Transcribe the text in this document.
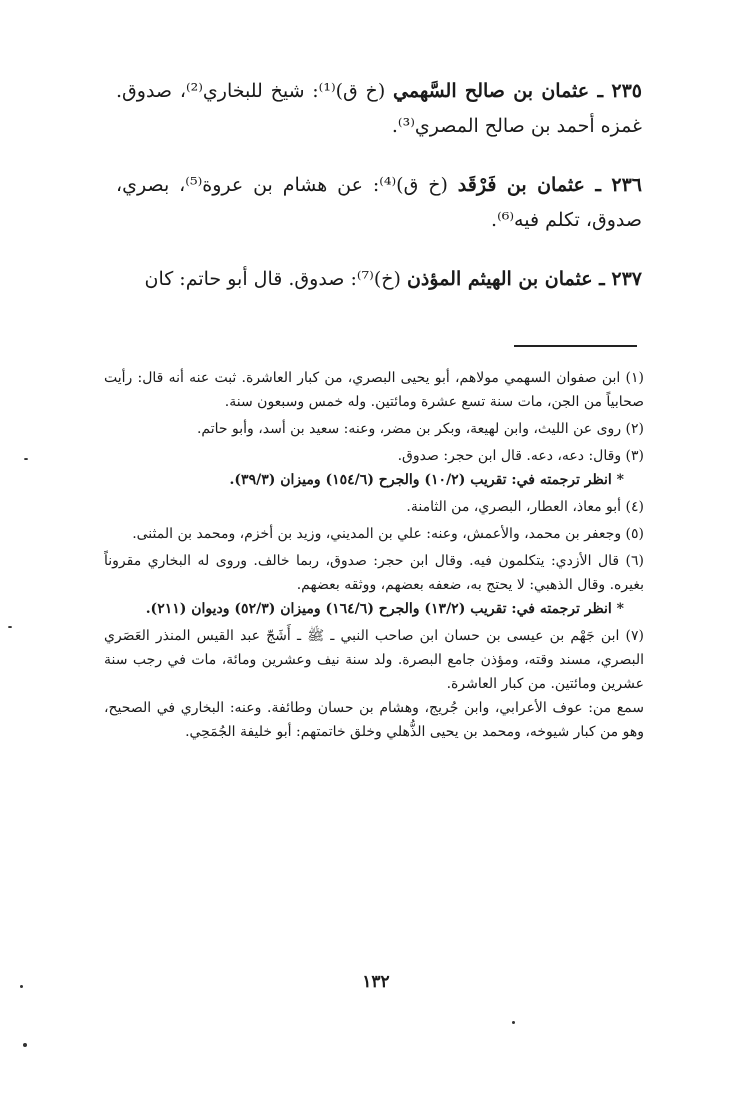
٢٣٥ ـ عثمان بن صالح السَّهمي (خ ق)⁽¹⁾: شيخ للبخاري⁽²⁾، صدوق. غمزه أحمد بن صالح المصري⁽³⁾.
٢٣٦ ـ عثمان بن فَرْقَد (خ ق)⁽⁴⁾: عن هشام بن عروة⁽⁵⁾، بصري، صدوق، تكلم فيه⁽⁶⁾.
٢٣٧ ـ عثمان بن الهيثم المؤذن (خ)⁽⁷⁾: صدوق. قال أبو حاتم: كان

(١) ابن صفوان السهمي مولاهم، أبو يحيى البصري، من كبار العاشرة. ثبت عنه أنه قال: رأيت صحابياً من الجن، مات سنة تسع عشرة ومائتين. وله خمس وسبعون سنة.

(٢) روى عن الليث، وابن لهيعة، وبكر بن مضر، وعنه: سعيد بن أسد، وأبو حاتم.

(٣) وقال: دعه، دعه. قال ابن حجر: صدوق.

* انظر ترجمته في: تقريب (١٠/٢) والجرح (١٥٤/٦) وميزان (٣٩/٣).

(٤) أبو معاذ، العطار، البصري، من الثامنة.

(٥) وجعفر بن محمد، والأعمش، وعنه: علي بن المديني، وزيد بن أخزم، ومحمد بن المثنى.

(٦) قال الأزدي: يتكلمون فيه. وقال ابن حجر: صدوق، ربما خالف. وروى له البخاري مقروناً بغيره. وقال الذهبي: لا يحتج به، ضعفه بعضهم، ووثقه بعضهم.

* انظر ترجمته في: تقريب (١٣/٢) والجرح (١٦٤/٦) وميزان (٥٢/٣) وديوان (٢١١).

(٧) ابن جَهْم بن عيسى بن حسان ابن صاحب النبي ـ ﷺ ـ أَشَجّ عبد القيس المنذر العَصَري البصري، مسند وقته، ومؤذن جامع البصرة. ولد سنة نيف وعشرين ومائة، مات في رجب سنة عشرين ومائتين. من كبار العاشرة.

سمع من: عوف الأعرابي، وابن جُريج، وهشام بن حسان وطائفة. وعنه: البخاري في الصحيح، وهو من كبار شيوخه، ومحمد بن يحيى الذُّهلي وخلق خاتمتهم: أبو خليفة الجُمَحِي.

١٣٢
